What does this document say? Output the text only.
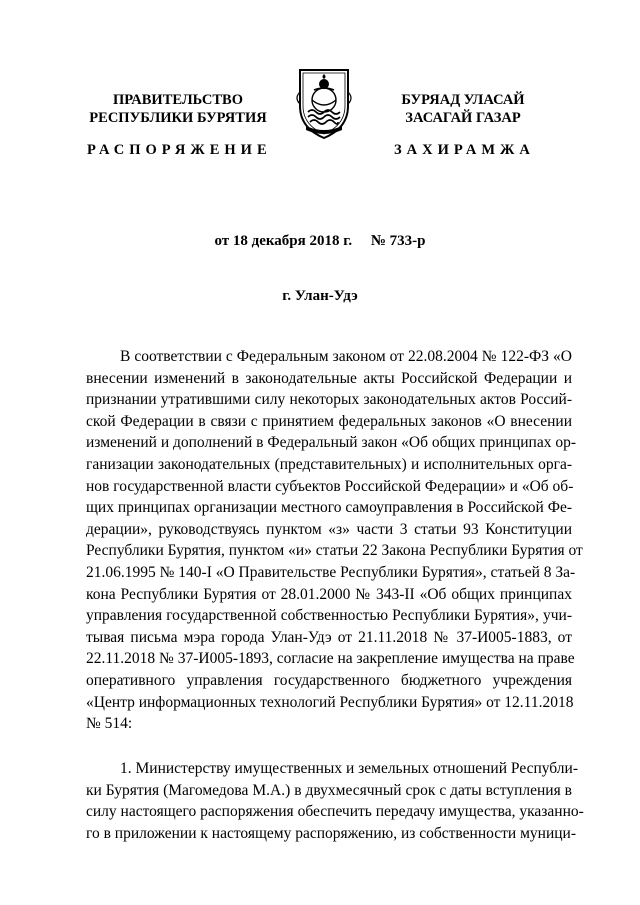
ПРАВИТЕЛЬСТВО
РЕСПУБЛИКИ БУРЯТИЯ
БУРЯАД УЛАСАЙ
ЗАСАГАЙ ГАЗАР
РАСПОРЯЖЕНИЕ	ЗАХИРАМЖА
от 18 декабря 2018 г.     № 733-р
г. Улан-Удэ
В соответствии с Федеральным законом от 22.08.2004 № 122-ФЗ «О
внесении изменений в законодательные акты Российской Федерации и
признании утратившими силу некоторых законодательных актов Россий-
ской Федерации в связи с принятием федеральных законов «О внесении
изменений и дополнений в Федеральный закон «Об общих принципах ор-
ганизации законодательных (представительных) и исполнительных орга-
нов государственной власти субъектов Российской Федерации» и «Об об-
щих принципах организации местного самоуправления в Российской Фе-
дерации», руководствуясь пунктом «з» части 3 статьи 93 Конституции
Республики Бурятия, пунктом «и» статьи 22 Закона Республики Бурятия от
21.06.1995 № 140-I «О Правительстве Республики Бурятия», статьей 8 За-
кона Республики Бурятия от 28.01.2000 № 343-II «Об общих принципах
управления государственной собственностью Республики Бурятия», учи-
тывая письма мэра города Улан-Удэ от 21.11.2018 № 37-И005-1883, от
22.11.2018 № 37-И005-1893, согласие на закрепление имущества на праве
оперативного управления государственного бюджетного учреждения
«Центр информационных технологий Республики Бурятия» от 12.11.2018
№ 514:
1. Министерству имущественных и земельных отношений Республи-
ки Бурятия (Магомедова М.А.) в двухмесячный срок с даты вступления в
силу настоящего распоряжения обеспечить передачу имущества, указанно-
го в приложении к настоящему распоряжению, из собственности муници-
